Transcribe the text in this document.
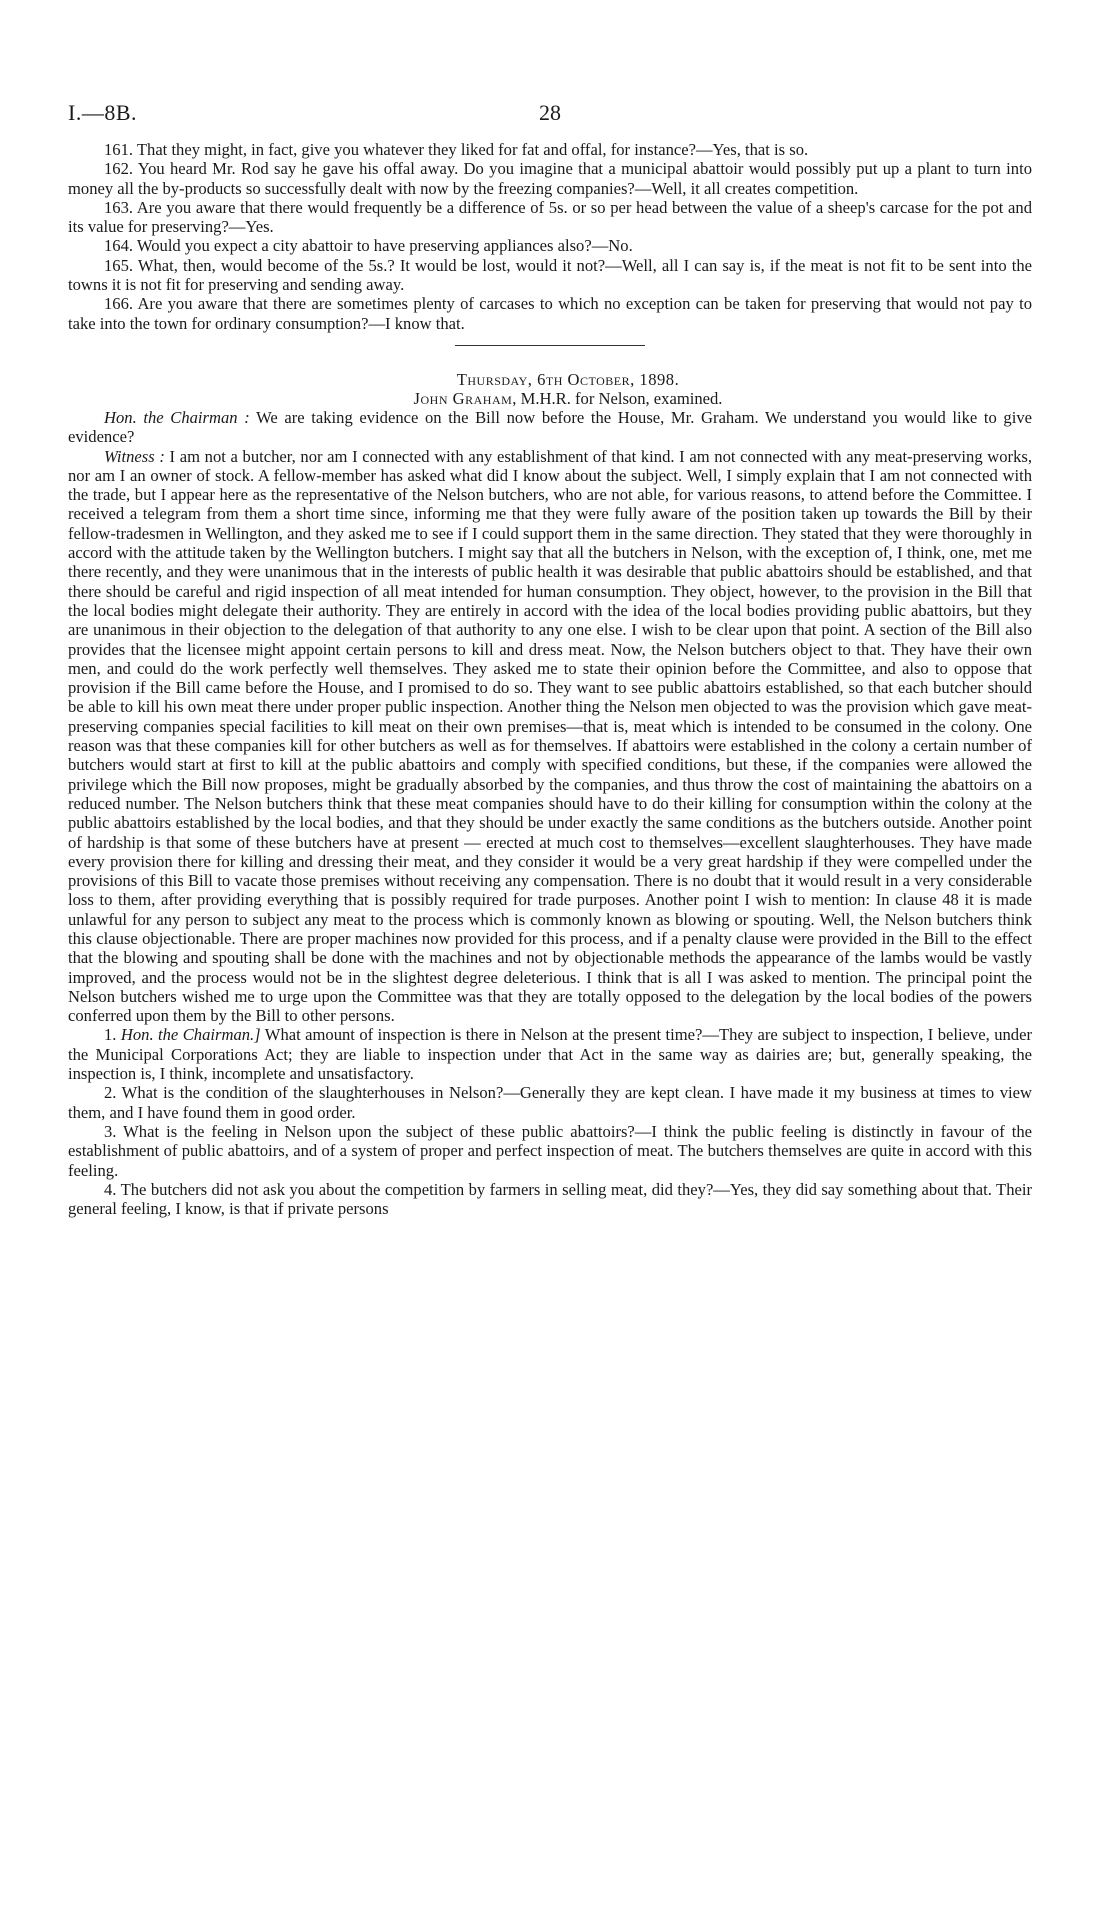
I.—8B.	28

161. That they might, in fact, give you whatever they liked for fat and offal, for instance?—Yes, that is so.

162. You heard Mr. Rod say he gave his offal away. Do you imagine that a municipal abattoir would possibly put up a plant to turn into money all the by-products so successfully dealt with now by the freezing companies?—Well, it all creates competition.

163. Are you aware that there would frequently be a difference of 5s. or so per head between the value of a sheep's carcase for the pot and its value for preserving?—Yes.

164. Would you expect a city abattoir to have preserving appliances also?—No.

165. What, then, would become of the 5s.? It would be lost, would it not?—Well, all I can say is, if the meat is not fit to be sent into the towns it is not fit for preserving and sending away.

166. Are you aware that there are sometimes plenty of carcases to which no exception can be taken for preserving that would not pay to take into the town for ordinary consumption?—I know that.

Thursday, 6th October, 1898.

John Graham, M.H.R. for Nelson, examined.

Hon. the Chairman : We are taking evidence on the Bill now before the House, Mr. Graham. We understand you would like to give evidence?

Witness : I am not a butcher, nor am I connected with any establishment of that kind. I am not connected with any meat-preserving works, nor am I an owner of stock. A fellow-member has asked what did I know about the subject. Well, I simply explain that I am not connected with the trade, but I appear here as the representative of the Nelson butchers, who are not able, for various reasons, to attend before the Committee. I received a telegram from them a short time since, informing me that they were fully aware of the position taken up towards the Bill by their fellow-tradesmen in Wellington, and they asked me to see if I could support them in the same direction. They stated that they were thoroughly in accord with the attitude taken by the Wellington butchers. I might say that all the butchers in Nelson, with the exception of, I think, one, met me there recently, and they were unanimous that in the interests of public health it was desirable that public abattoirs should be established, and that there should be careful and rigid inspection of all meat intended for human consumption. They object, however, to the provision in the Bill that the local bodies might delegate their authority. They are entirely in accord with the idea of the local bodies providing public abattoirs, but they are unanimous in their objection to the delegation of that authority to any one else. I wish to be clear upon that point. A section of the Bill also provides that the licensee might appoint certain persons to kill and dress meat. Now, the Nelson butchers object to that. They have their own men, and could do the work perfectly well themselves. They asked me to state their opinion before the Committee, and also to oppose that provision if the Bill came before the House, and I promised to do so. They want to see public abattoirs established, so that each butcher should be able to kill his own meat there under proper public inspection. Another thing the Nelson men objected to was the provision which gave meat-preserving companies special facilities to kill meat on their own premises—that is, meat which is intended to be consumed in the colony. One reason was that these companies kill for other butchers as well as for themselves. If abattoirs were established in the colony a certain number of butchers would start at first to kill at the public abattoirs and comply with specified conditions, but these, if the companies were allowed the privilege which the Bill now proposes, might be gradually absorbed by the companies, and thus throw the cost of maintaining the abattoirs on a reduced number. The Nelson butchers think that these meat companies should have to do their killing for consumption within the colony at the public abattoirs established by the local bodies, and that they should be under exactly the same conditions as the butchers outside. Another point of hardship is that some of these butchers have at present — erected at much cost to themselves—excellent slaughterhouses. They have made every provision there for killing and dressing their meat, and they consider it would be a very great hardship if they were compelled under the provisions of this Bill to vacate those premises without receiving any compensation. There is no doubt that it would result in a very considerable loss to them, after providing everything that is possibly required for trade purposes. Another point I wish to mention: In clause 48 it is made unlawful for any person to subject any meat to the process which is commonly known as blowing or spouting. Well, the Nelson butchers think this clause objectionable. There are proper machines now provided for this process, and if a penalty clause were provided in the Bill to the effect that the blowing and spouting shall be done with the machines and not by objectionable methods the appearance of the lambs would be vastly improved, and the process would not be in the slightest degree deleterious. I think that is all I was asked to mention. The principal point the Nelson butchers wished me to urge upon the Committee was that they are totally opposed to the delegation by the local bodies of the powers conferred upon them by the Bill to other persons.

1. Hon. the Chairman.] What amount of inspection is there in Nelson at the present time?—They are subject to inspection, I believe, under the Municipal Corporations Act; they are liable to inspection under that Act in the same way as dairies are; but, generally speaking, the inspection is, I think, incomplete and unsatisfactory.

2. What is the condition of the slaughterhouses in Nelson?—Generally they are kept clean. I have made it my business at times to view them, and I have found them in good order.

3. What is the feeling in Nelson upon the subject of these public abattoirs?—I think the public feeling is distinctly in favour of the establishment of public abattoirs, and of a system of proper and perfect inspection of meat. The butchers themselves are quite in accord with this feeling.

4. The butchers did not ask you about the competition by farmers in selling meat, did they?—Yes, they did say something about that. Their general feeling, I know, is that if private persons
